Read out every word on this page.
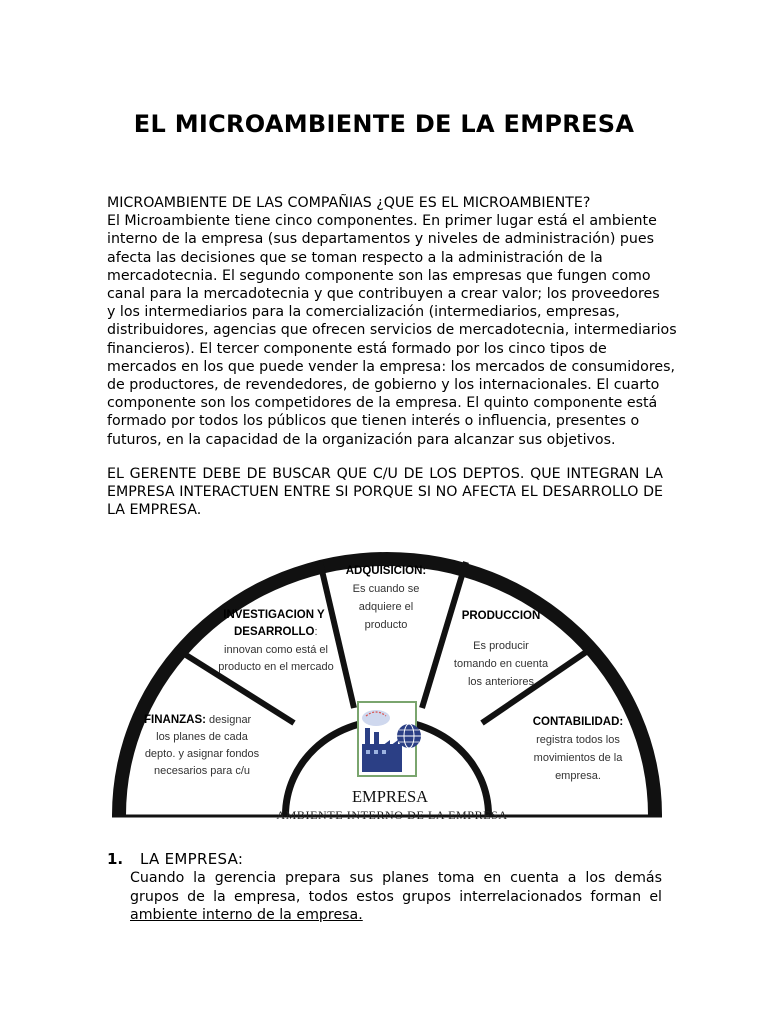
EL MICROAMBIENTE DE LA EMPRESA
MICROAMBIENTE DE LAS COMPAÑIAS ¿QUE ES EL MICROAMBIENTE?
El Microambiente tiene cinco componentes. En primer lugar está el ambiente
interno de la empresa (sus departamentos y niveles de administración) pues
afecta las decisiones que se toman respecto a la administración de la
mercadotecnia. El segundo componente son las empresas que fungen como
canal para la mercadotecnia y que contribuyen a crear valor; los proveedores
y los intermediarios para la comercialización (intermediarios, empresas,
distribuidores, agencias que ofrecen servicios de mercadotecnia, intermediarios
financieros). El tercer componente está formado por los cinco tipos de
mercados en los que puede vender la empresa: los mercados de consumidores,
de productores, de revendedores, de gobierno y los internacionales. El cuarto
componente son los competidores de la empresa. El quinto componente está
formado por todos los públicos que tienen interés o influencia, presentes o
futuros, en la capacidad de la organización para alcanzar sus objetivos.
EL GERENTE DEBE DE BUSCAR QUE C/U DE LOS DEPTOS. QUE INTEGRAN LA EMPRESA INTERACTUEN ENTRE SI PORQUE SI NO AFECTA EL DESARROLLO DE LA EMPRESA.
FINANZAS: designar
los planes de cada
depto. y asignar fondos
necesarios para c/u
INVESTIGACION Y
DESARROLLO:
innovan como está el
producto en el mercado
ADQUISICION:
Es cuando se
adquiere el
producto
PRODUCCION
Es producir
tomando en cuenta
los anteriores
CONTABILIDAD:
registra todos los
movimientos de la
empresa.
EMPRESA
AMBIENTE INTERNO DE LA EMPRESA
1. LA EMPRESA:
Cuando la gerencia prepara sus planes toma en cuenta a los demás grupos de la empresa, todos estos grupos interrelacionados forman el ambiente interno de la empresa.
